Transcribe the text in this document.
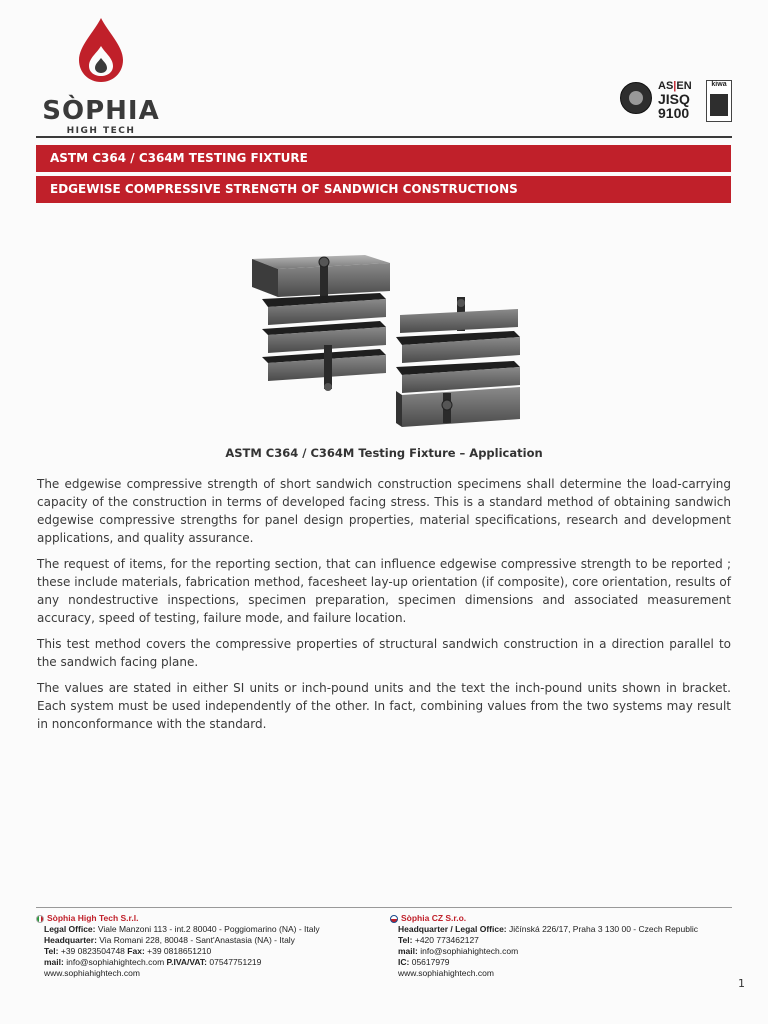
SÒPHIA
HIGH TECH
AS|EN
JISQ
9100
kiwa
ASTM C364 / C364M TESTING FIXTURE
EDGEWISE COMPRESSIVE STRENGTH OF SANDWICH CONSTRUCTIONS
ASTM C364 / C364M Testing Fixture – Application

The edgewise compressive strength of short sandwich construction specimens shall determine the load-carrying capacity of the construction in terms of developed facing stress. This is a standard method of obtaining sandwich edgewise compressive strengths for panel design properties, material specifications, research and development applications, and quality assurance.

The request of items, for the reporting section, that can influence edgewise compressive strength to be reported ; these include materials, fabrication method, facesheet lay-up orientation (if composite), core orientation, results of any nondestructive inspections, specimen preparation, specimen dimensions and associated measurement accuracy, speed of testing, failure mode, and failure location.

This test method covers the compressive properties of structural sandwich construction in a direction parallel to the sandwich facing plane.

The values are stated in either SI units or inch-pound units and the text the inch-pound units shown in bracket. Each system must be used independently of the other. In fact, combining values from the two systems may result in nonconformance with the standard.

Sòphia High Tech S.r.l.
Legal Office: Viale Manzoni 113 - int.2 80040 - Poggiomarino (NA) - Italy
Headquarter: Via Romani 228, 80048 - Sant'Anastasia (NA) - Italy
Tel: +39 0823504748 Fax: +39 0818651210
mail: info@sophiahightech.com P.IVA/VAT: 07547751219
www.sophiahightech.com
Sòphia CZ S.r.o.
Headquarter / Legal Office: Jičínská 226/17, Praha 3 130 00 - Czech Republic
Tel: +420 773462127
mail: info@sophiahightech.com
IC: 05617979
www.sophiahightech.com
1
